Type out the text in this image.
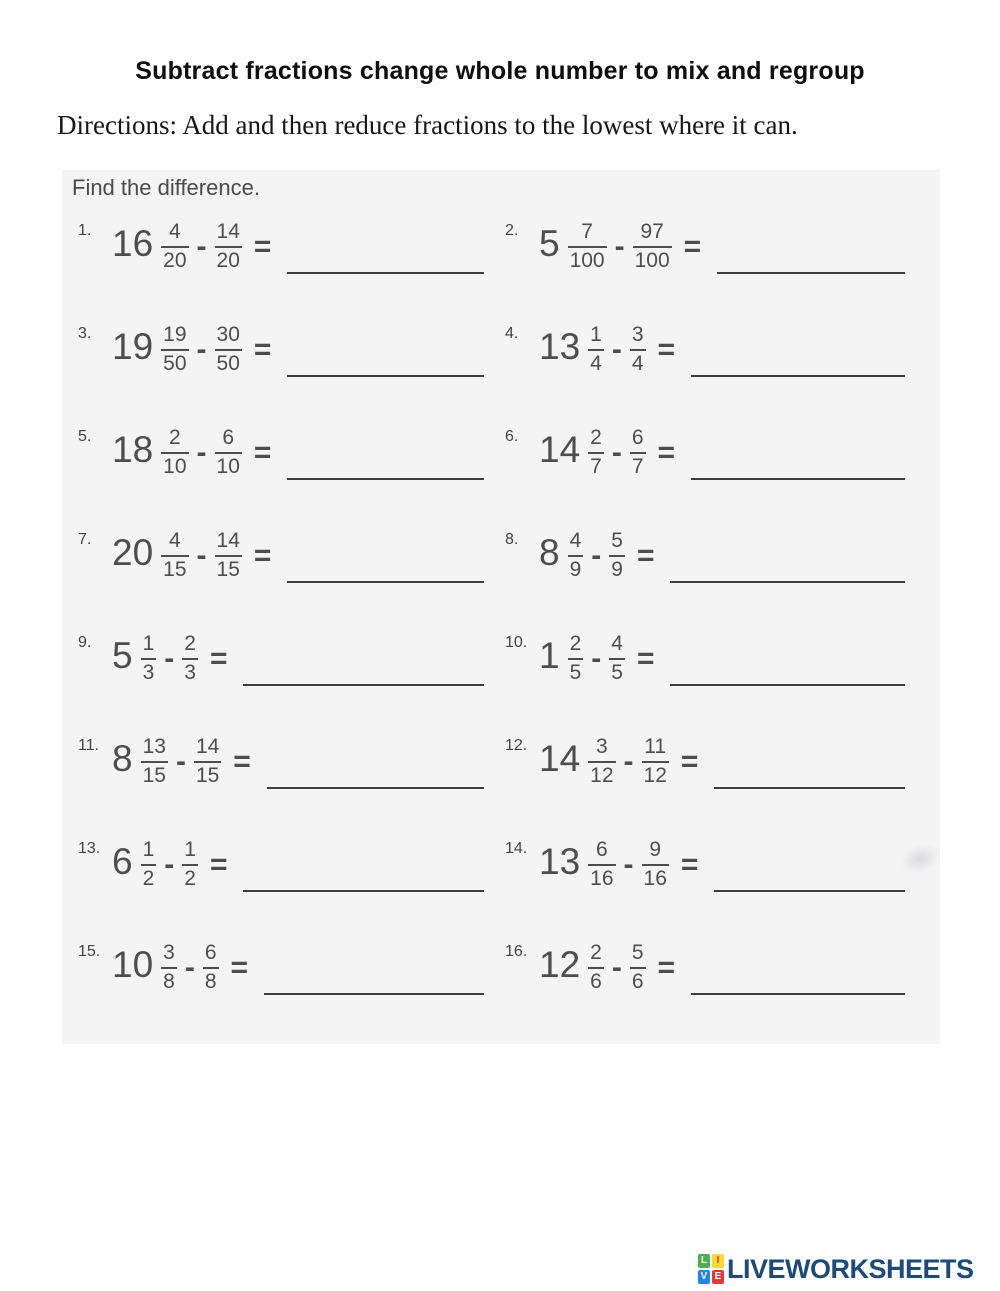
Subtract fractions change whole number to mix and regroup

Directions: Add and then reduce fractions to the lowest where it can.

Find the difference.
1. $16 \frac{4}{20} - \frac{14}{20}$ =	2. $5 \frac{7}{100} - \frac{97}{100}$ =
3. $19 \frac{19}{50} - \frac{30}{50}$ =	4. $13 \frac{1}{4} - \frac{3}{4}$ =
5. $18 \frac{2}{10} - \frac{6}{10}$ =	6. $14 \frac{2}{7} - \frac{6}{7}$ =
7. $20 \frac{4}{15} - \frac{14}{15}$ =	8. $8 \frac{4}{9} - \frac{5}{9}$ =
9. $5 \frac{1}{3} - \frac{2}{3}$ =	10. $1 \frac{2}{5} - \frac{4}{5}$ =
11. $8 \frac{13}{15} - \frac{14}{15}$ =	12. $14 \frac{3}{12} - \frac{11}{12}$ =
13. $6 \frac{1}{2} - \frac{1}{2}$ =	14. $13 \frac{6}{16} - \frac{9}{16}$ =
15. $10 \frac{3}{8} - \frac{6}{8}$ =	16. $12 \frac{2}{6} - \frac{5}{6}$ =
L I
V E LIVEWORKSHEETS
